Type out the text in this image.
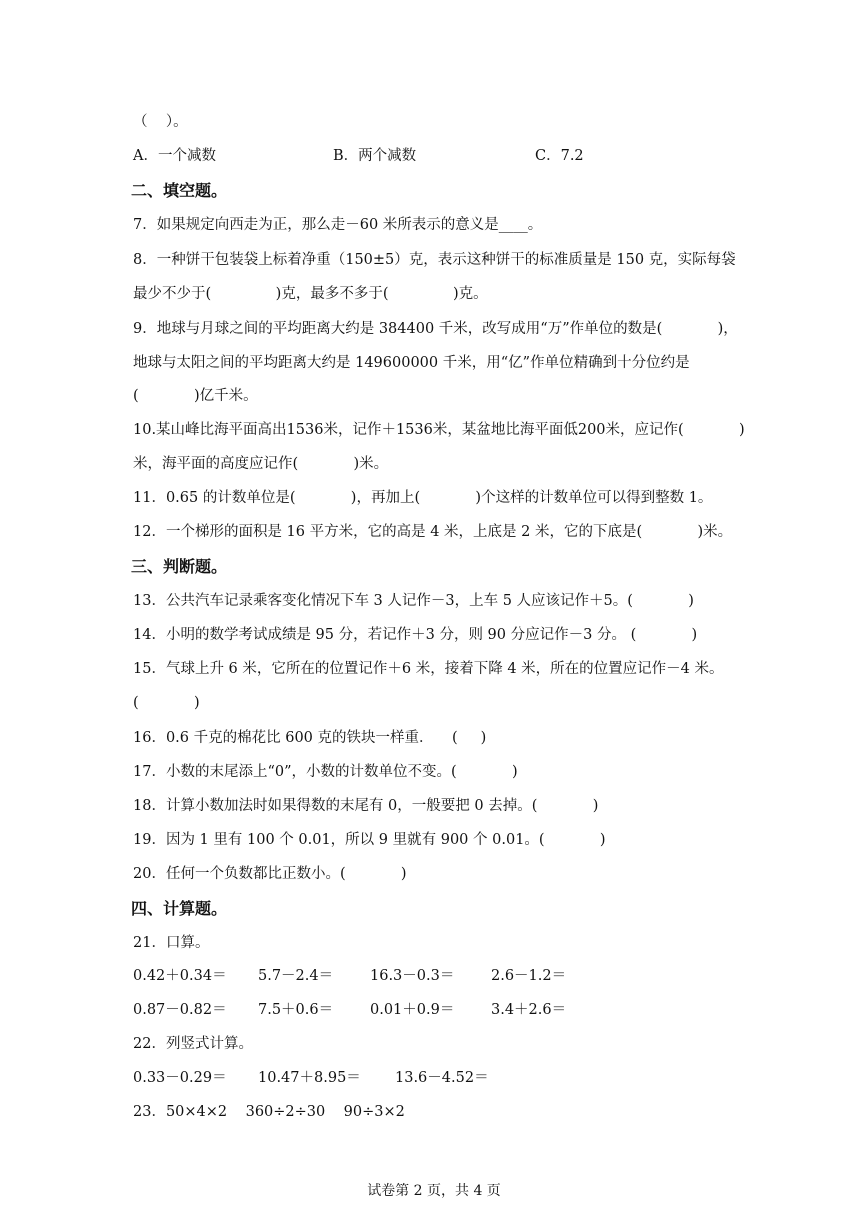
（    ）。
A．一个减数	B．两个减数	C．7.2
二、填空题。
7．如果规定向西走为正，那么走－60 米所表示的意义是____。
8．一种饼干包装袋上标着净重（150±5）克，表示这种饼干的标准质量是 150 克，实际每袋
最少不少于(              )克，最多不多于(              )克。
9．地球与月球之间的平均距离大约是 384400 千米，改写成用“万”作单位的数是(            )，
地球与太阳之间的平均距离大约是 149600000 千米，用“亿”作单位精确到十分位约是
(            )亿千米。
10.某山峰比海平面高出1536米，记作＋1536米，某盆地比海平面低200米，应记作(            )
米，海平面的高度应记作(            )米。
11．0.65 的计数单位是(            )，再加上(            )个这样的计数单位可以得到整数 1。
12．一个梯形的面积是 16 平方米，它的高是 4 米，上底是 2 米，它的下底是(            )米。
三、判断题。
13．公共汽车记录乘客变化情况下车 3 人记作－3，上车 5 人应该记作＋5。(            )
14．小明的数学考试成绩是 95 分，若记作＋3 分，则 90 分应记作－3 分。 (            )
15．气球上升 6 米，它所在的位置记作＋6 米，接着下降 4 米，所在的位置应记作－4 米。
(            )
16．0.6 千克的棉花比 600 克的铁块一样重．    (     )
17．小数的末尾添上“0”，小数的计数单位不变。(            )
18．计算小数加法时如果得数的末尾有 0，一般要把 0 去掉。(            )
19．因为 1 里有 100 个 0.01，所以 9 里就有 900 个 0.01。(            )
20．任何一个负数都比正数小。(            )
四、计算题。
21．口算。
0.42＋0.34＝ 5.7－2.4＝	16.3－0.3＝	2.6－1.2＝
0.87－0.82＝ 7.5＋0.6＝	0.01＋0.9＝	3.4＋2.6＝
22．列竖式计算。
0.33－0.29＝ 10.47＋8.95＝ 13.6－4.52＝
23．50×4×2    360÷2÷30    90÷3×2
试卷第 2 页，共 4 页
